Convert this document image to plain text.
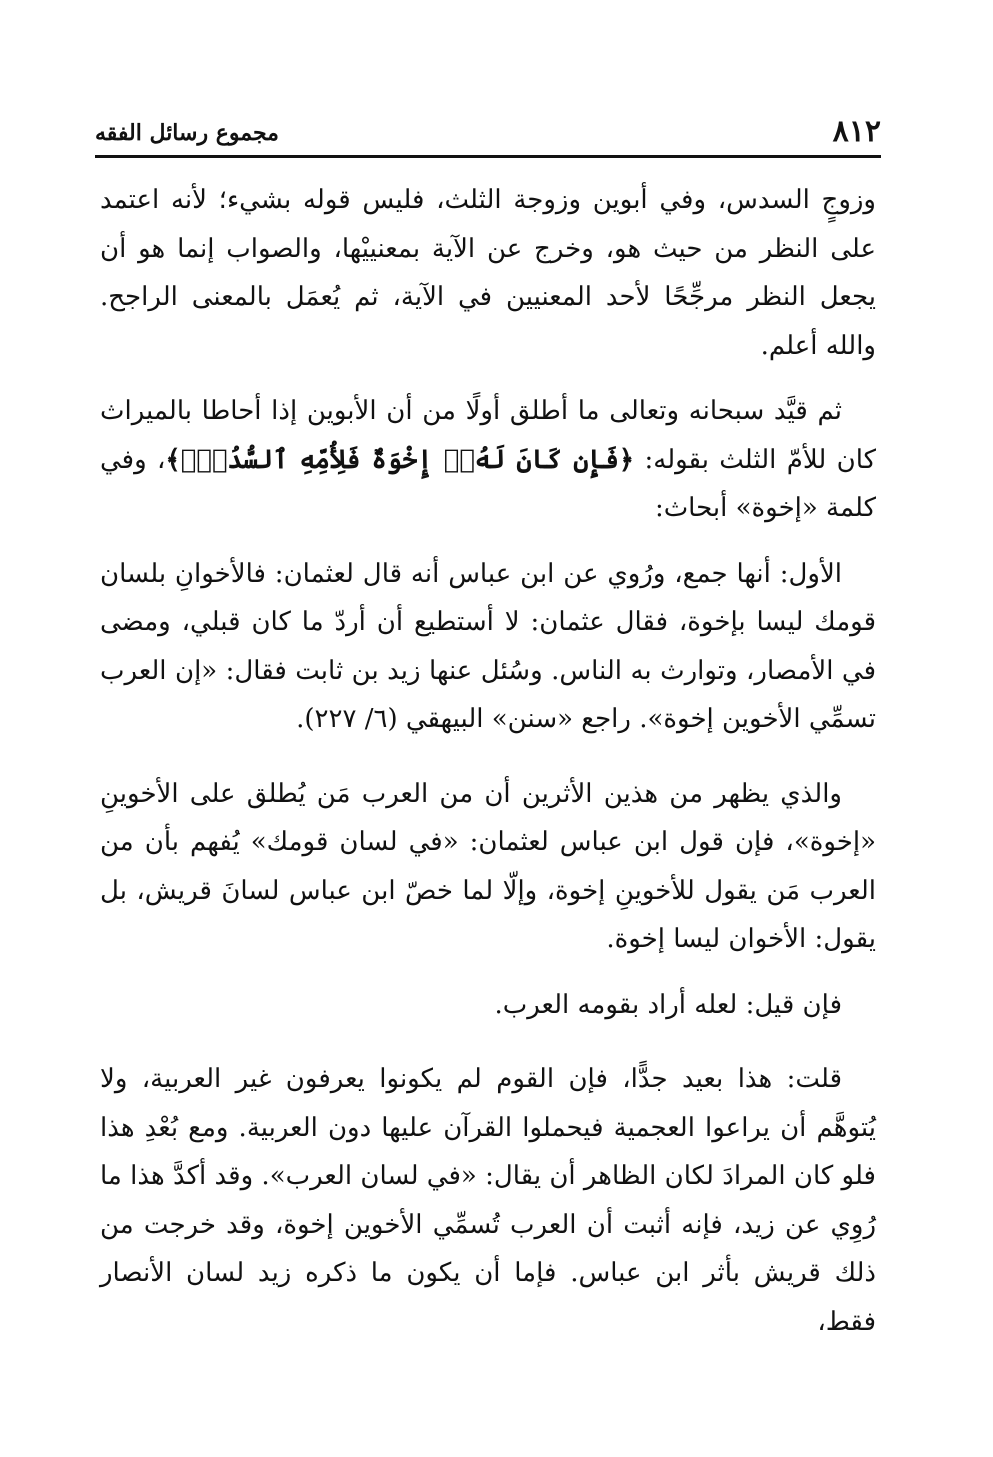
٨١٢
مجموع رسائل الفقه

وزوجٍ السدس، وفي أبوين وزوجة الثلث، فليس قوله بشيء؛ لأنه اعتمد على النظر من حيث هو، وخرج عن الآية بمعنييْها، والصواب إنما هو أن يجعل النظر مرجِّحًا لأحد المعنيين في الآية، ثم يُعمَل بالمعنى الراجح. والله أعلم.

ثم قيَّد سبحانه وتعالى ما أطلق أولًا من أن الأبوين إذا أحاطا بالميراث كان للأمّ الثلث بقوله: ﴿فَإِن كَانَ لَهُۥٓ إِخْوَةٌ فَلِأُمِّهِ ٱلسُّدُسُۚ﴾، وفي كلمة «إخوة» أبحاث:

الأول: أنها جمع، ورُوي عن ابن عباس أنه قال لعثمان: فالأخوانِ بلسان قومك ليسا بإخوة، فقال عثمان: لا أستطيع أن أردّ ما كان قبلي، ومضى في الأمصار، وتوارث به الناس. وسُئل عنها زيد بن ثابت فقال: «إن العرب تسمِّي الأخوين إخوة». راجع «سنن» البيهقي (٦/ ٢٢٧).

والذي يظهر من هذين الأثرين أن من العرب مَن يُطلق على الأخوينِ «إخوة»، فإن قول ابن عباس لعثمان: «في لسان قومك» يُفهم بأن من العرب مَن يقول للأخوينِ إخوة، وإلّا لما خصّ ابن عباس لسانَ قريش، بل يقول: الأخوان ليسا إخوة.

فإن قيل: لعله أراد بقومه العرب.

قلت: هذا بعيد جدًّا، فإن القوم لم يكونوا يعرفون غير العربية، ولا يُتوهَّم أن يراعوا العجمية فيحملوا القرآن عليها دون العربية. ومع بُعْدِ هذا فلو كان المرادَ لكان الظاهر أن يقال: «في لسان العرب». وقد أكدَّ هذا ما رُوِي عن زيد، فإنه أثبت أن العرب تُسمِّي الأخوين إخوة، وقد خرجت من ذلك قريش بأثر ابن عباس. فإما أن يكون ما ذكره زيد لسان الأنصار فقط،
